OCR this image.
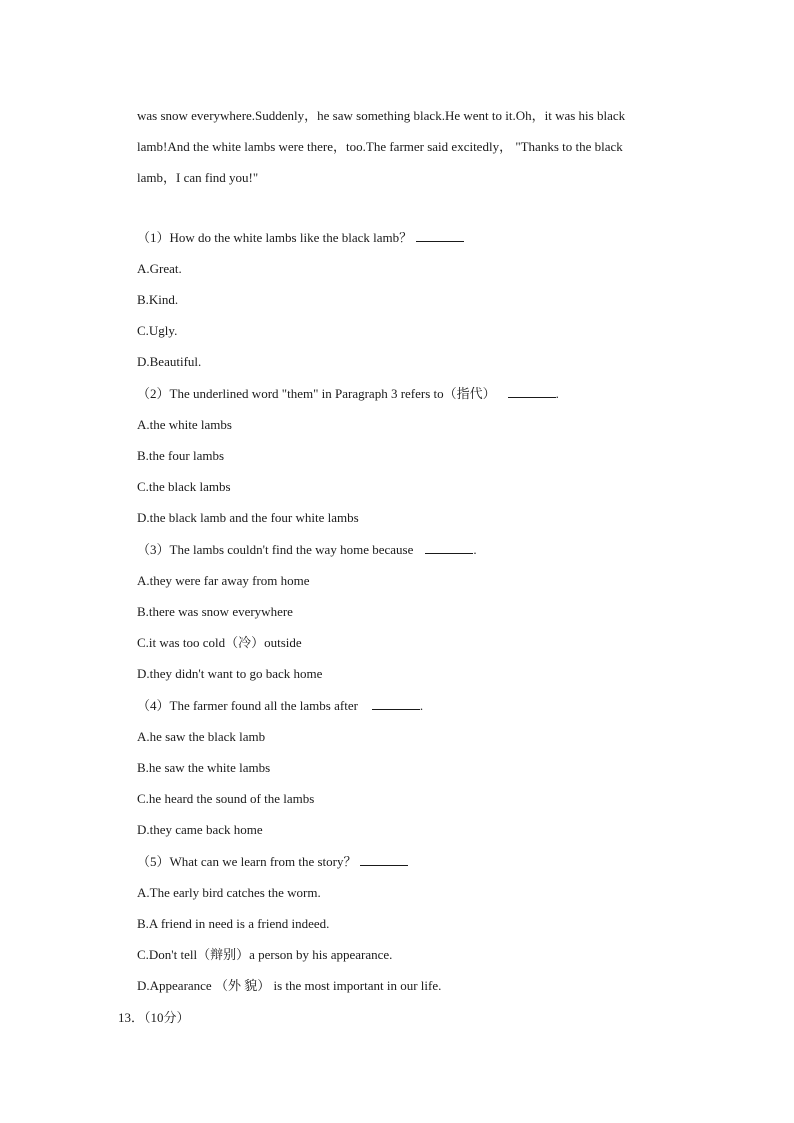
was snow everywhere.Suddenly，he saw something black.He went to it.Oh，it was his black

lamb!And the white lambs were there，too.The farmer said excitedly， "Thanks to the black

lamb，I can find you!"

（1）How do the white lambs like the black lamb？
A.Great.
B.Kind.
C.Ugly.
D.Beautiful.
（2）The underlined word "them" in Paragraph 3 refers to（指代）	.
A.the white lambs
B.the four lambs
C.the black lambs
D.the black lamb and the four white lambs
（3）The lambs couldn't find the way home because	.
A.they were far away from home
B.there was snow everywhere
C.it was too cold（冷）outside
D.they didn't want to go back home
（4）The farmer found all the lambs after	.
A.he saw the black lamb
B.he saw the white lambs
C.he heard the sound of the lambs
D.they came back home
（5）What can we learn from the story？
A.The early bird catches the worm.
B.A friend in need is a friend indeed.
C.Don't tell（辩别）a person by his appearance.
D.Appearance （外 貌） is the most important in our life.
13．（10分）
